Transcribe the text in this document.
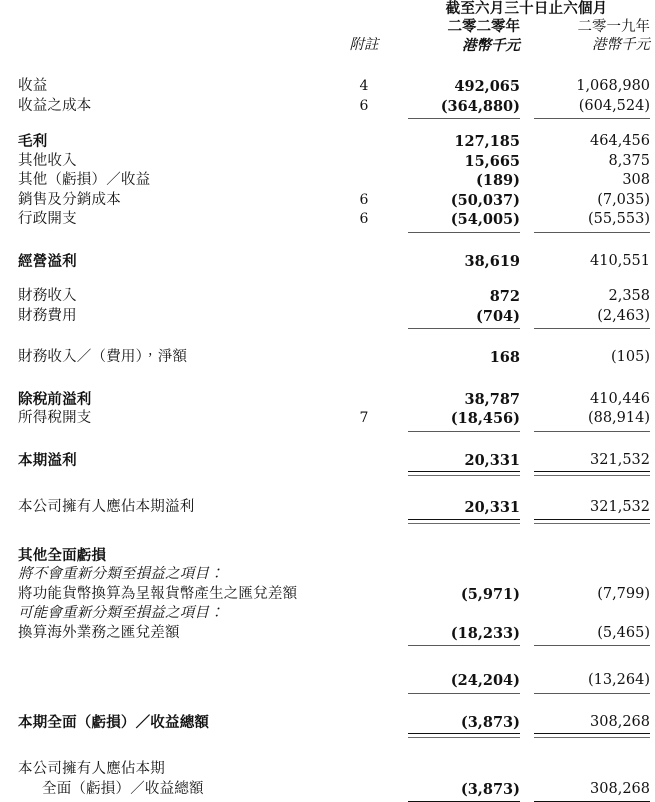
		截至六月三十日止六個月	
		二零二零年	二零一九年
	附註	港幣千元	港幣千元

收益	4	492,065	1,068,980
收益之成本	6	(364,880)	(604,524)

毛利		127,185	464,456
其他收入		15,665	8,375
其他（虧損）／收益		(189)	308
銷售及分銷成本	6	(50,037)	(7,035)
行政開支	6	(54,005)	(55,553)

經營溢利		38,619	410,551

財務收入		872	2,358
財務費用		(704)	(2,463)

財務收入／（費用），淨額		168	(105)

除稅前溢利		38,787	410,446
所得稅開支	7	(18,456)	(88,914)

本期溢利		20,331	321,532

本公司擁有人應佔本期溢利		20,331	321,532

其他全面虧損			
將不會重新分類至損益之項目：			
將功能貨幣換算為呈報貨幣產生之匯兌差額		(5,971)	(7,799)
可能會重新分類至損益之項目：			
換算海外業務之匯兌差額		(18,233)	(5,465)

		(24,204)	(13,264)

本期全面（虧損）／收益總額		(3,873)	308,268

本公司擁有人應佔本期			
全面（虧損）／收益總額		(3,873)	308,268
